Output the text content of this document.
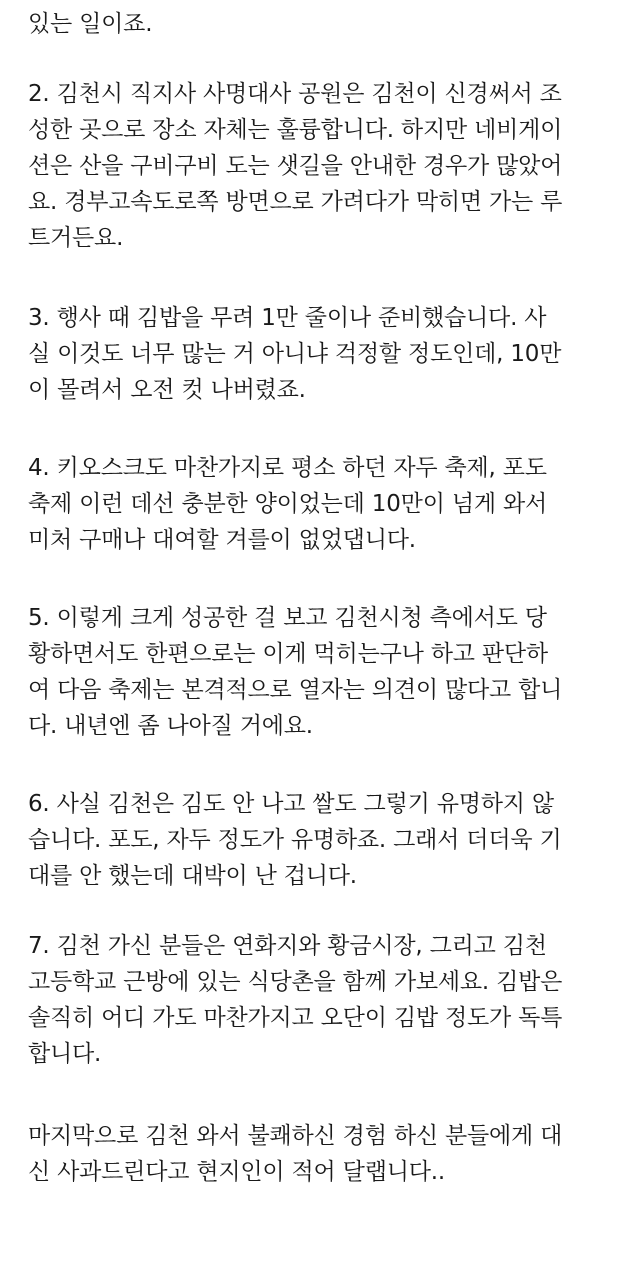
있는 일이죠.
2. 김천시 직지사 사명대사 공원은 김천이 신경써서 조
성한 곳으로 장소 자체는 훌륭합니다. 하지만 네비게이
션은 산을 구비구비 도는 샛길을 안내한 경우가 많았어
요. 경부고속도로쪽 방면으로 가려다가 막히면 가는 루
트거든요.
3. 행사 때 김밥을 무려 1만 줄이나 준비했습니다. 사
실 이것도 너무 많는 거 아니냐 걱정할 정도인데, 10만
이 몰려서 오전 컷 나버렸죠.
4. 키오스크도 마찬가지로 평소 하던 자두 축제, 포도
축제 이런 데선 충분한 양이었는데 10만이 넘게 와서
미처 구매나 대여할 겨를이 없었댑니다.
5. 이렇게 크게 성공한 걸 보고 김천시청 측에서도 당
황하면서도 한편으로는 이게 먹히는구나 하고 판단하
여 다음 축제는 본격적으로 열자는 의견이 많다고 합니
다. 내년엔 좀 나아질 거에요.
6. 사실 김천은 김도 안 나고 쌀도 그렇기 유명하지 않
습니다. 포도, 자두 정도가 유명하죠. 그래서 더더욱 기
대를 안 했는데 대박이 난 겁니다.
7. 김천 가신 분들은 연화지와 황금시장, 그리고 김천
고등학교 근방에 있는 식당촌을 함께 가보세요. 김밥은
솔직히 어디 가도 마찬가지고 오단이 김밥 정도가 독특
합니다.
마지막으로 김천 와서 불쾌하신 경험 하신 분들에게 대
신 사과드린다고 현지인이 적어 달랩니다..
